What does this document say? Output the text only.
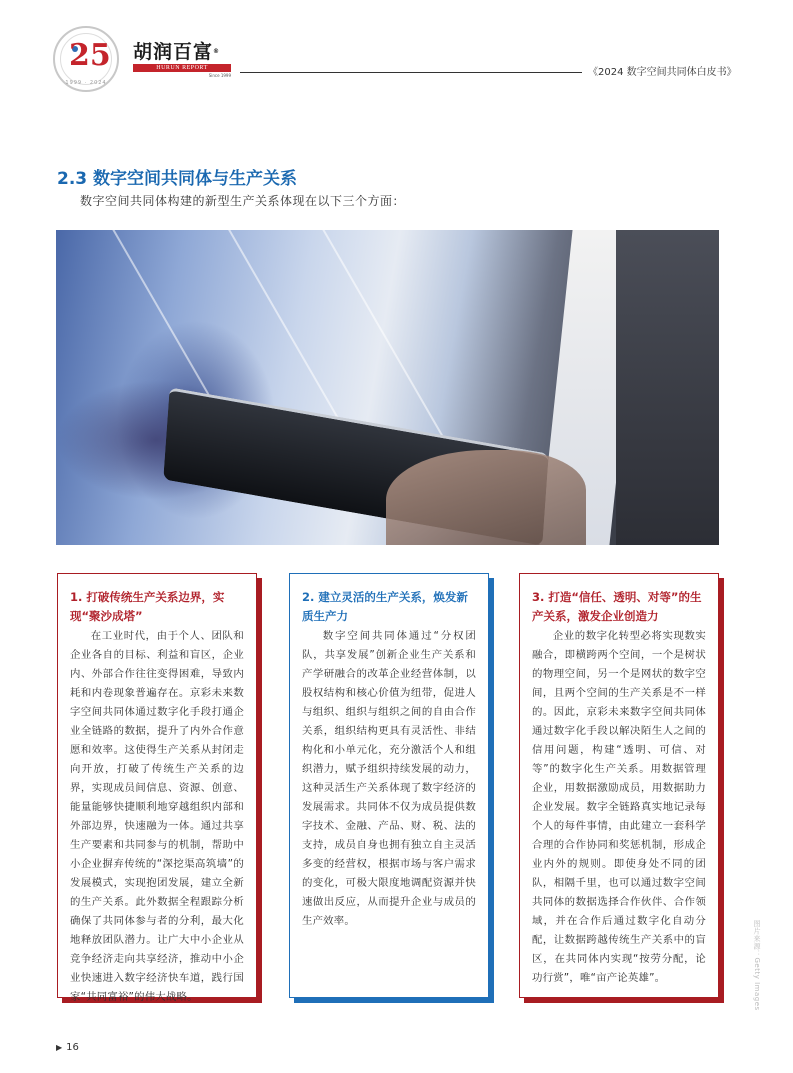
25
1999 · 2024
胡润百富®
HURUN REPORT
Since 1999	《2024 数字空间共同体白皮书》
2.3 数字空间共同体与生产关系
数字空间共同体构建的新型生产关系体现在以下三个方面：
1. 打破传统生产关系边界，实现“聚沙成塔”
在工业时代，由于个人、团队和企业各自的目标、利益和盲区，企业内、外部合作往往变得困难，导致内耗和内卷现象普遍存在。京彩未来数字空间共同体通过数字化手段打通企业全链路的数据，提升了内外合作意愿和效率。这使得生产关系从封闭走向开放，打破了传统生产关系的边界，实现成员间信息、资源、创意、能量能够快捷顺利地穿越组织内部和外部边界，快速融为一体。通过共享生产要素和共同参与的机制，帮助中小企业摒弃传统的“深挖渠高筑墙”的发展模式，实现抱团发展，建立全新的生产关系。此外数据全程跟踪分析确保了共同体参与者的分利，最大化地释放团队潜力。让广大中小企业从竞争经济走向共享经济，推动中小企业快速进入数字经济快车道，践行国家“共同富裕”的伟大战略。
2. 建立灵活的生产关系，焕发新质生产力
数字空间共同体通过“分权团队，共享发展”创新企业生产关系和产学研融合的改革企业经营体制，以股权结构和核心价值为纽带，促进人与组织、组织与组织之间的自由合作关系，组织结构更具有灵活性、非结构化和小单元化，充分激活个人和组织潜力，赋予组织持续发展的动力，这种灵活生产关系体现了数字经济的发展需求。共同体不仅为成员提供数字技术、金融、产品、财、税、法的支持，成员自身也拥有独立自主灵活多变的经营权，根据市场与客户需求的变化，可极大限度地调配资源并快速做出反应，从而提升企业与成员的生产效率。
3. 打造“信任、透明、对等”的生产关系，激发企业创造力
企业的数字化转型必将实现数实融合，即横跨两个空间，一个是树状的物理空间，另一个是网状的数字空间，且两个空间的生产关系是不一样的。因此，京彩未来数字空间共同体通过数字化手段以解决陌生人之间的信用问题，构建“透明、可信、对等”的数字化生产关系。用数据管理企业，用数据激励成员，用数据助力企业发展。数字全链路真实地记录每个人的每件事情，由此建立一套科学合理的合作协同和奖惩机制，形成企业内外的规则。即使身处不同的团队，相隔千里，也可以通过数字空间共同体的数据选择合作伙伴、合作领域，并在合作后通过数字化自动分配，让数据跨越传统生产关系中的盲区，在共同体内实现“按劳分配，论功行赏”，唯“亩产论英雄”。	图片来源：Getty Images
▶ 16
